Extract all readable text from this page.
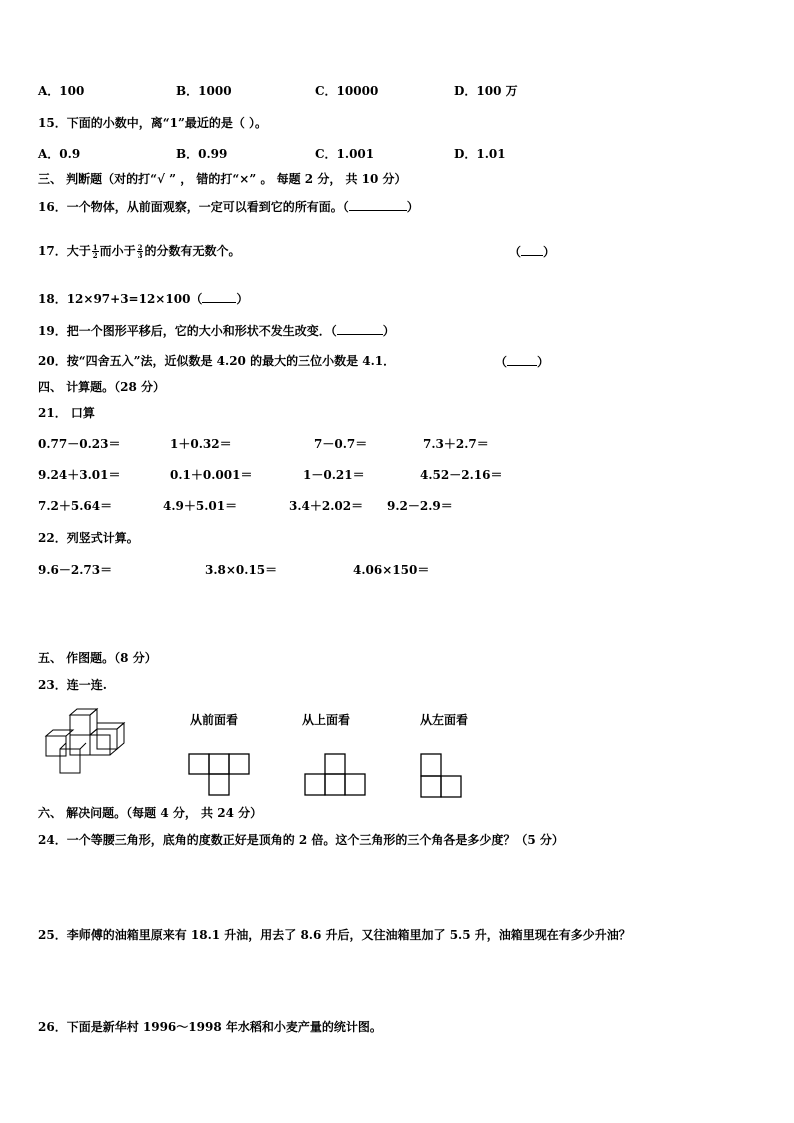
A．100	B．1000	C．10000	D．100 万
15．下面的小数中，离“1”最近的是（ ）。
A．0.9	B．0.99	C．1.001	D．1.01
三、 判断题（对的打“√ ” ， 错的打“×” 。 每题 2 分， 共 10 分）
16．一个物体，从前面观察，一定可以看到它的所有面。（	）
17．大于 $\frac{1}{2}$ 而小于 $\frac{2}{3}$ 的分数有无数个。	（ ）
18．12×97+3=12×100（	）
19．把一个图形平移后，它的大小和形状不发生改变．（	）
20．按“四舍五入”法，近似数是 4.20 的最大的三位小数是 4.1．	（	）
四、 计算题。（28 分）
21． 口算
0.77－0.23＝	1＋0.32＝	7－0.7＝	7.3＋2.7＝
9.24＋3.01＝	0.1＋0.001＝	1－0.21＝	4.52－2.16＝
7.2＋5.64＝	4.9＋5.01＝	3.4＋2.02＝ 9.2－2.9＝
22．列竖式计算。
9.6－2.73＝	3.8×0.15＝	4.06×150＝
五、 作图题。（8 分）
23．连一连.
从前面看	从上面看	从左面看
六、 解决问题。（每题 4 分， 共 24 分）
24．一个等腰三角形，底角的度数正好是顶角的 2 倍。这个三角形的三个角各是多少度？（5 分）
25．李师傅的油箱里原来有 18.1 升油，用去了 8.6 升后，又往油箱里加了 5.5 升，油箱里现在有多少升油？
26．下面是新华村 1996～1998 年水稻和小麦产量的统计图。
